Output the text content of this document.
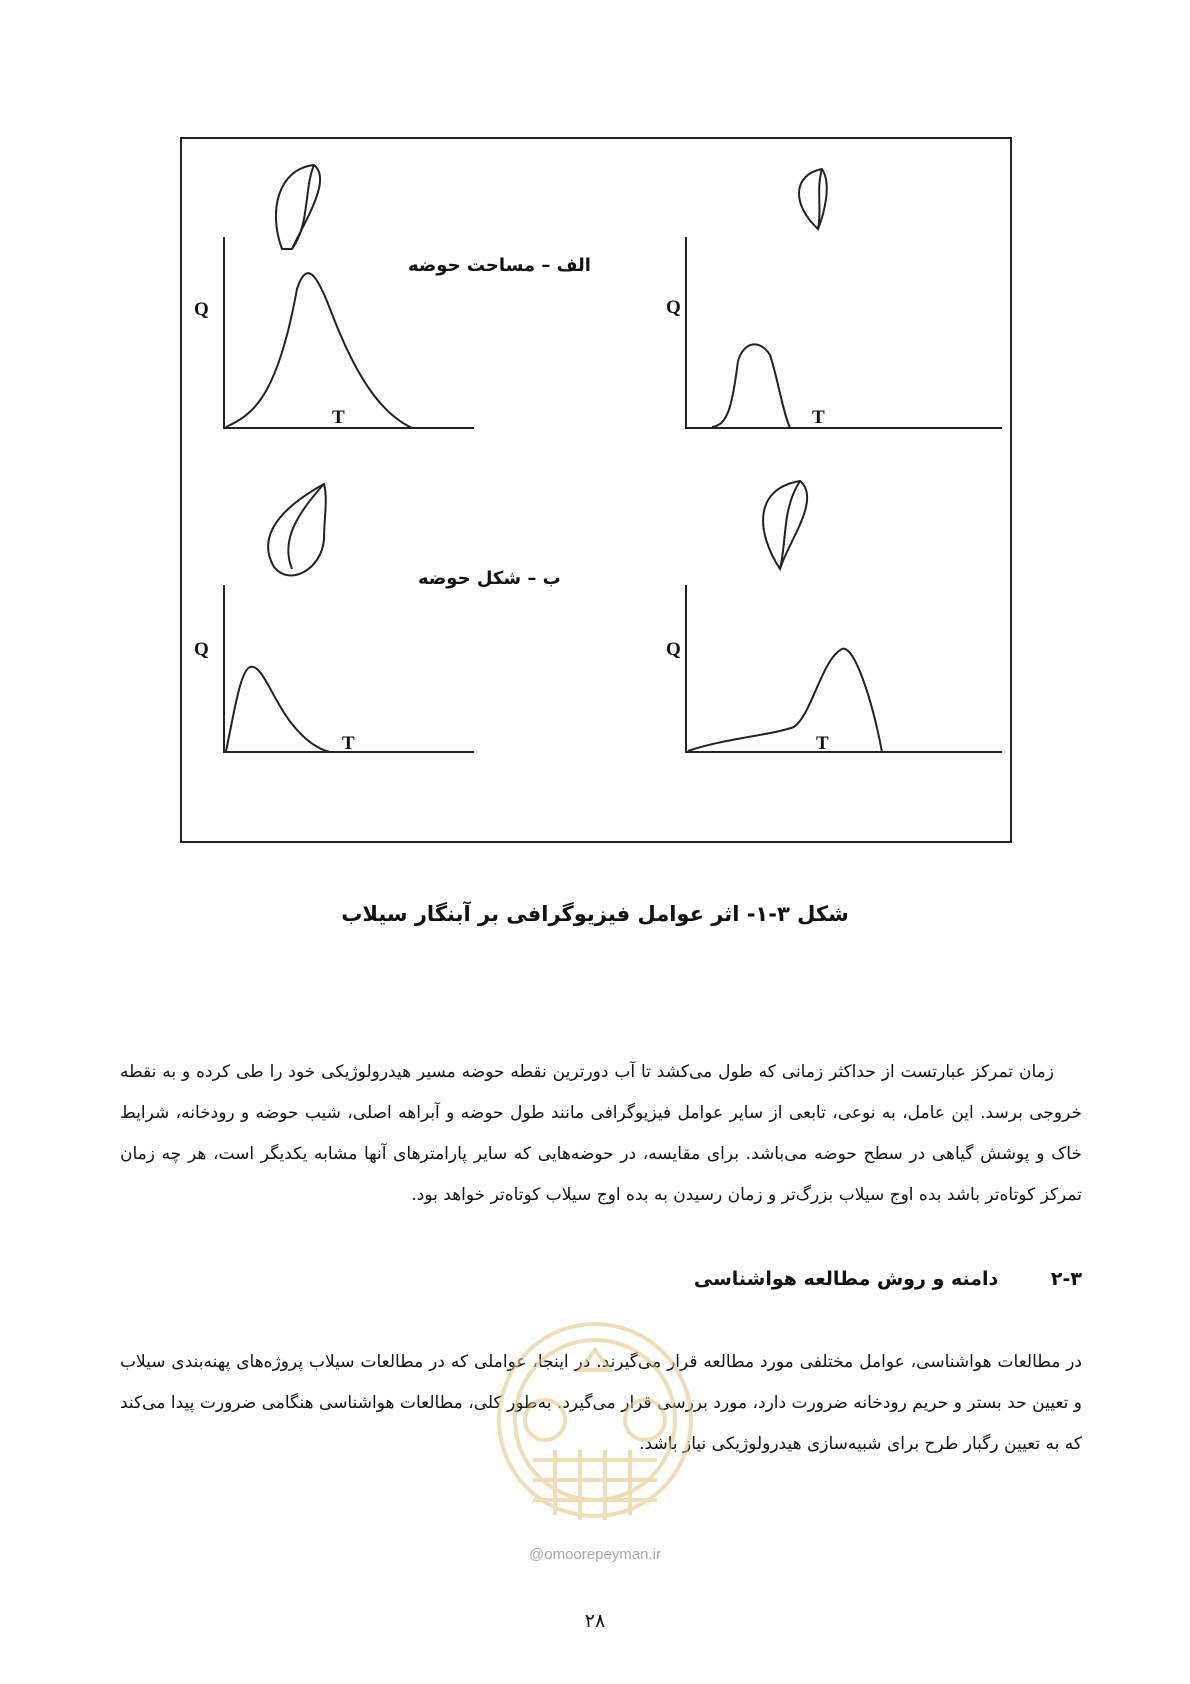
الف – مساحت حوضه
ب – شکل حوضه
Q
T
Q
T
Q
T
Q
T
شکل ۳-۱- اثر عوامل فیزیوگرافی بر آبنگار سیلاب

زمان تمرکز عبارتست از حداکثر زمانی که طول می‌کشد تا آب دورترین نقطه حوضه مسیر هیدرولوژیکی خود را طی کرده و به نقطه خروجی برسد. این عامل، به نوعی، تابعی از سایر عوامل فیزیوگرافی مانند طول حوضه و آبراهه اصلی، شیب حوضه و رودخانه، شرایط خاک و پوشش گیاهی در سطح حوضه می‌باشد. برای مقایسه، در حوضه‌هایی که سایر پارامترهای آنها مشابه یکدیگر است، هر چه زمان تمرکز کوتاه‌تر باشد بده اوج سیلاب بزرگ‌تر و زمان رسیدن به بده اوج سیلاب کوتاه‌تر خواهد بود.

۲-۳ دامنه و روش مطالعه هواشناسی

در مطالعات هواشناسی، عوامل مختلفی مورد مطالعه قرار می‌گیرند. در اینجا، عواملی که در مطالعات سیلاب پروژه‌های پهنه‌بندی سیلاب و تعیین حد بستر و حریم رودخانه ضرورت دارد، مورد بررسی قرار می‌گیرد. به‌طور کلی، مطالعات هواشناسی هنگامی ضرورت پیدا می‌کند که به تعیین رگبار طرح برای شبیه‌سازی هیدرولوژیکی نیاز باشد.

@omoorepeyman.ir
۲۸
